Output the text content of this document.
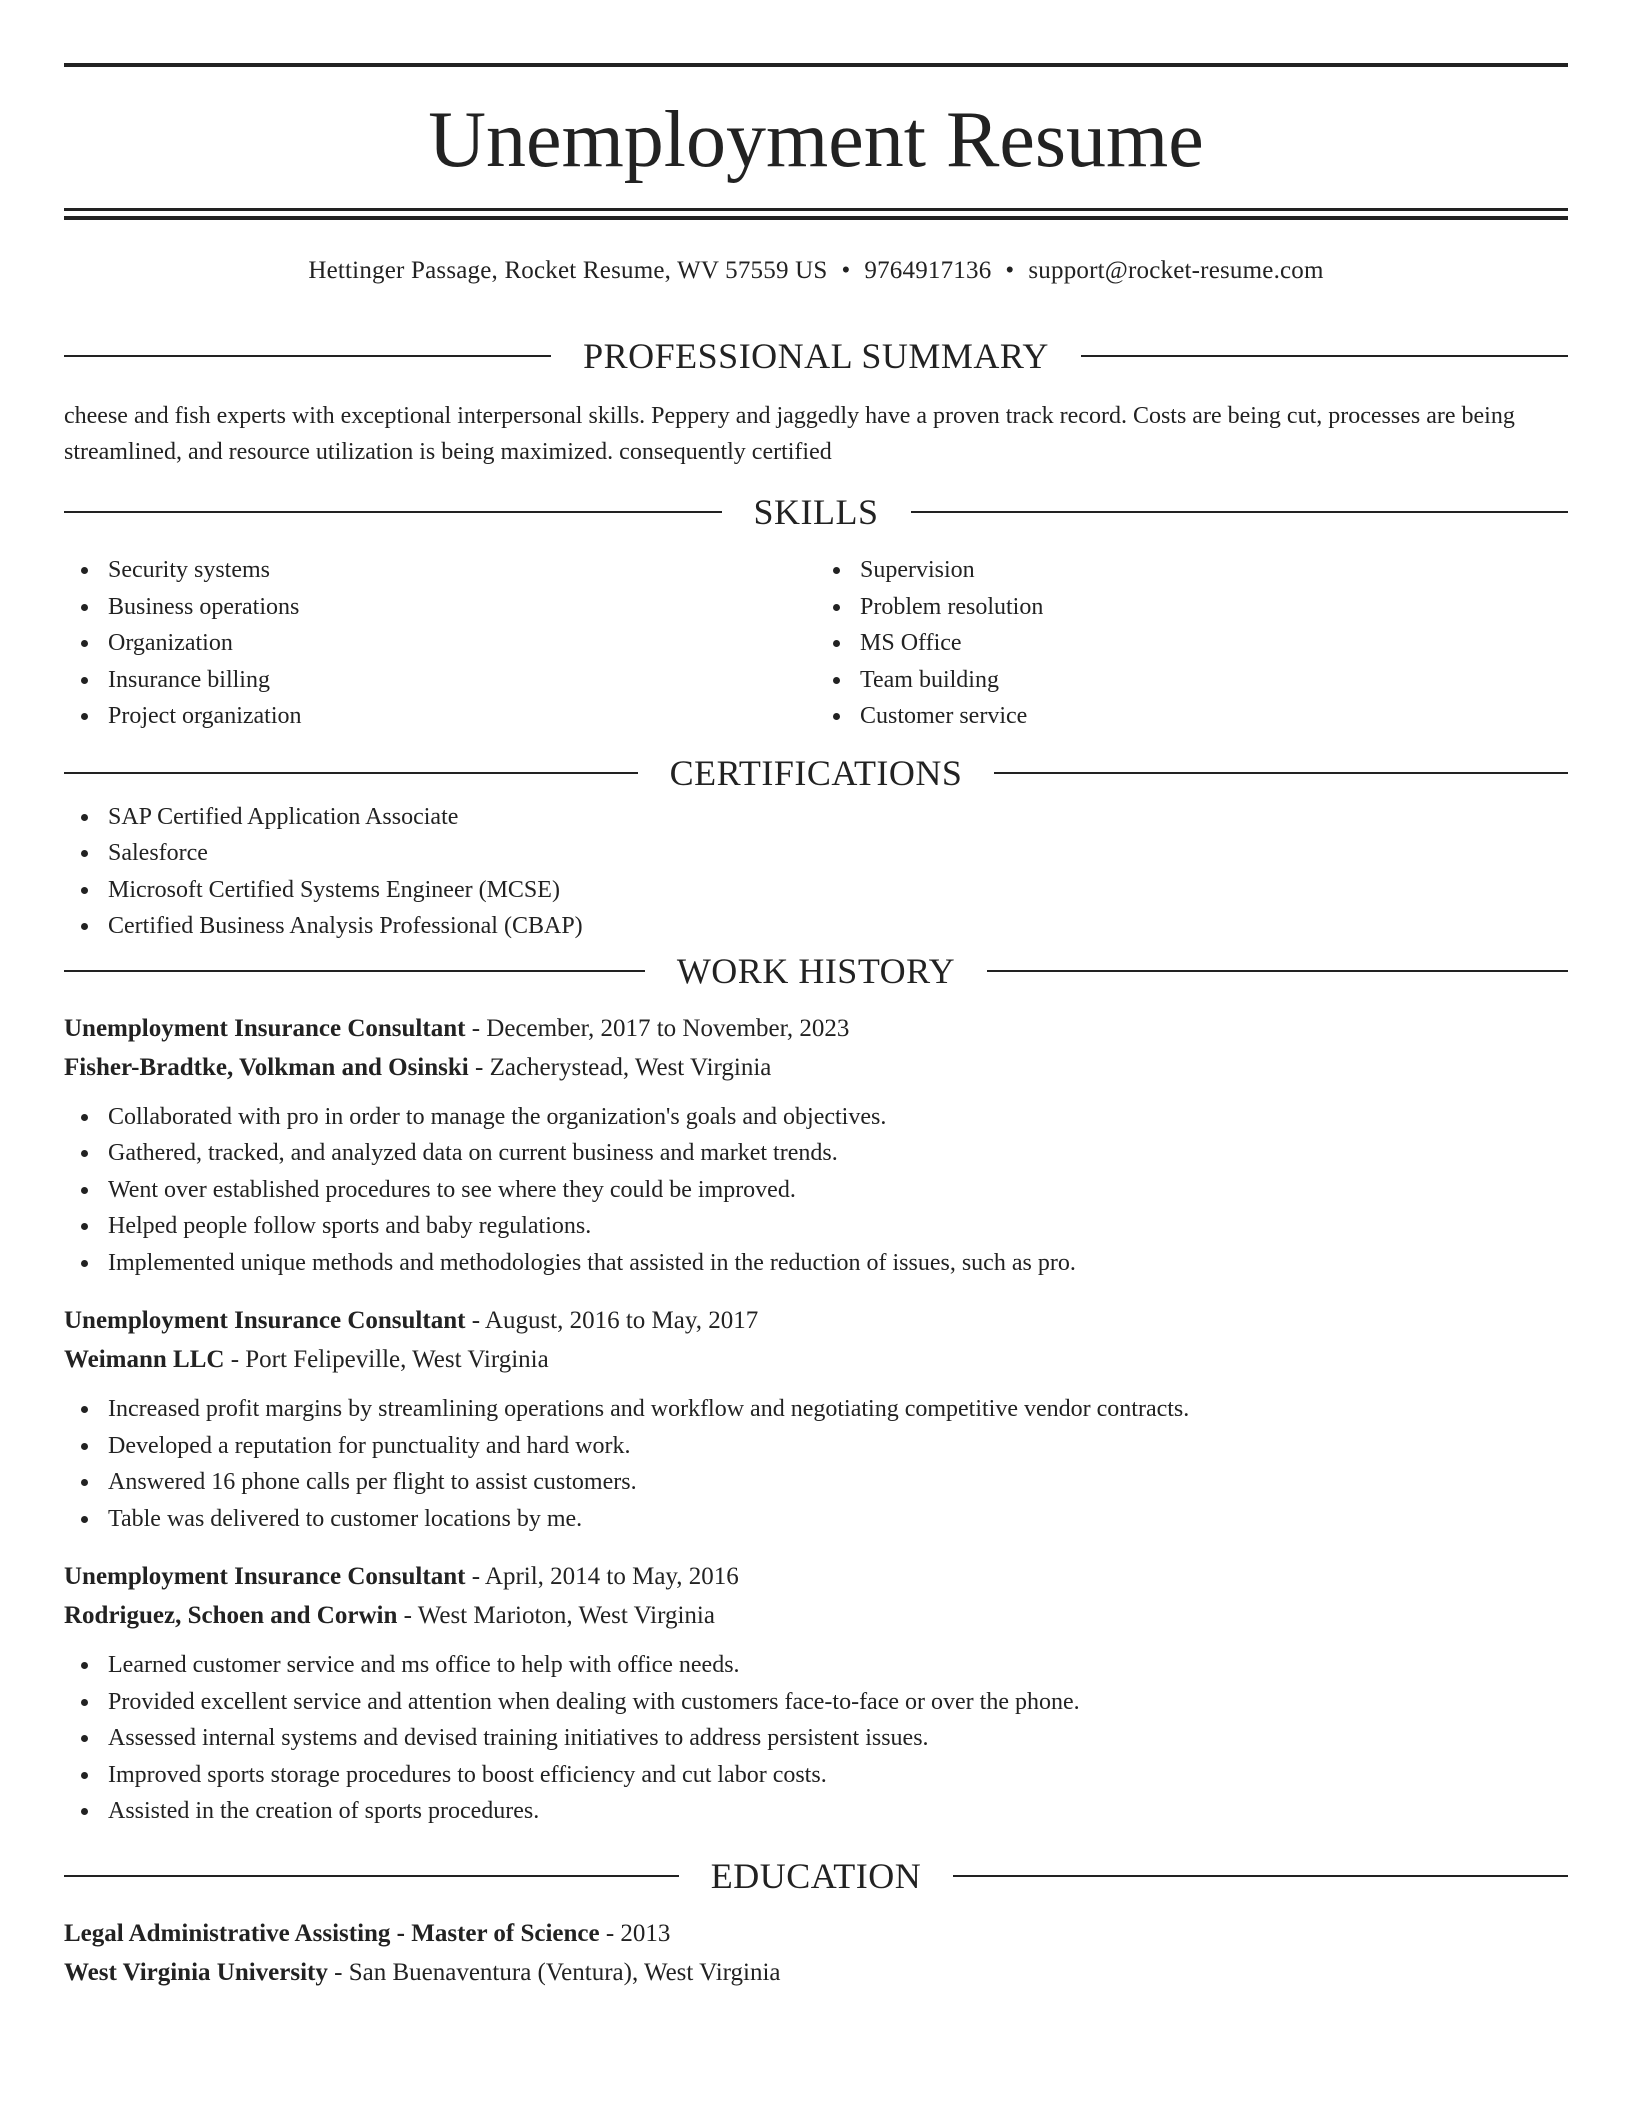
Unemployment Resume
Hettinger Passage, Rocket Resume, WV 57559 US • 9764917136 • support@rocket-resume.com
PROFESSIONAL SUMMARY

cheese and fish experts with exceptional interpersonal skills. Peppery and jaggedly have a proven track record. Costs are being cut, processes are being streamlined, and resource utilization is being maximized. consequently certified

SKILLS
Security systems
Business operations
Organization
Insurance billing
Project organization
Supervision
Problem resolution
MS Office
Team building
Customer service
CERTIFICATIONS
SAP Certified Application Associate
Salesforce
Microsoft Certified Systems Engineer (MCSE)
Certified Business Analysis Professional (CBAP)
WORK HISTORY
Unemployment Insurance Consultant - December, 2017 to November, 2023
Fisher-Bradtke, Volkman and Osinski - Zacherystead, West Virginia
Collaborated with pro in order to manage the organization's goals and objectives.
Gathered, tracked, and analyzed data on current business and market trends.
Went over established procedures to see where they could be improved.
Helped people follow sports and baby regulations.
Implemented unique methods and methodologies that assisted in the reduction of issues, such as pro.
Unemployment Insurance Consultant - August, 2016 to May, 2017
Weimann LLC - Port Felipeville, West Virginia
Increased profit margins by streamlining operations and workflow and negotiating competitive vendor contracts.
Developed a reputation for punctuality and hard work.
Answered 16 phone calls per flight to assist customers.
Table was delivered to customer locations by me.
Unemployment Insurance Consultant - April, 2014 to May, 2016
Rodriguez, Schoen and Corwin - West Marioton, West Virginia
Learned customer service and ms office to help with office needs.
Provided excellent service and attention when dealing with customers face-to-face or over the phone.
Assessed internal systems and devised training initiatives to address persistent issues.
Improved sports storage procedures to boost efficiency and cut labor costs.
Assisted in the creation of sports procedures.
EDUCATION
Legal Administrative Assisting - Master of Science - 2013
West Virginia University - San Buenaventura (Ventura), West Virginia
